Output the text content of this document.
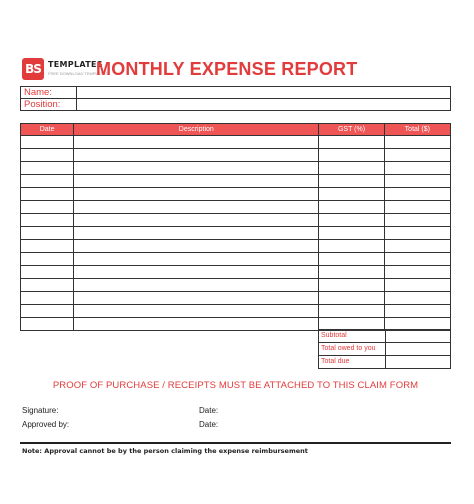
BS TEMPLATES
FREE DOWNLOAD TEMPLATES
MONTHLY EXPENSE REPORT
Name:	
Position:	
Date	Description	GST (%)	Total ($)

Subtotal	
Total owed to you	
Total due	
PROOF OF PURCHASE / RECEIPTS MUST BE ATTACHED TO THIS CLAIM FORM
Signature:	Date:
Approved by:	Date:
Note: Approval cannot be by the person claiming the expense reimbursement
